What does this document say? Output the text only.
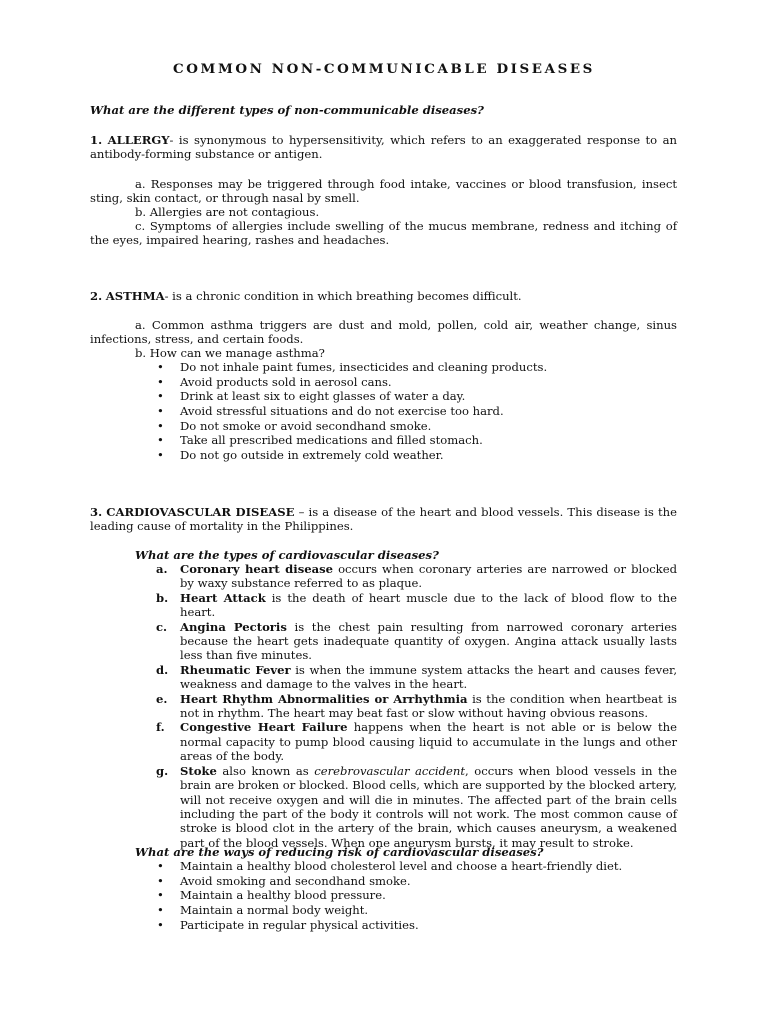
COMMON NON-COMMUNICABLE DISEASES
What are the different types of non-communicable diseases?
1. ALLERGY- is synonymous to hypersensitivity, which refers to an exaggerated response to an antibody-forming substance or antigen.
a. Responses may be triggered through food intake, vaccines or blood transfusion, insect sting, skin contact, or through nasal by smell.
b. Allergies are not contagious.
c. Symptoms of allergies include swelling of the mucus membrane, redness and itching of the eyes, impaired hearing, rashes and headaches.
2. ASTHMA- is a chronic condition in which breathing becomes difficult.
a. Common asthma triggers are dust and mold, pollen, cold air, weather change, sinus infections, stress, and certain foods.
b. How can we manage asthma?
• Do not inhale paint fumes, insecticides and cleaning products.
• Avoid products sold in aerosol cans.
• Drink at least six to eight glasses of water a day.
• Avoid stressful situations and do not exercise too hard.
• Do not smoke or avoid secondhand smoke.
• Take all prescribed medications and filled stomach.
• Do not go outside in extremely cold weather.
3. CARDIOVASCULAR DISEASE – is a disease of the heart and blood vessels. This disease is the leading cause of mortality in the Philippines.
What are the types of cardiovascular diseases?
a. Coronary heart disease occurs when coronary arteries are narrowed or blocked by waxy substance referred to as plaque.
b. Heart Attack is the death of heart muscle due to the lack of blood flow to the heart.
c. Angina Pectoris is the chest pain resulting from narrowed coronary arteries because the heart gets inadequate quantity of oxygen. Angina attack usually lasts less than five minutes.
d. Rheumatic Fever is when the immune system attacks the heart and causes fever, weakness and damage to the valves in the heart.
e. Heart Rhythm Abnormalities or Arrhythmia is the condition when heartbeat is not in rhythm. The heart may beat fast or slow without having obvious reasons.
f. Congestive Heart Failure happens when the heart is not able or is below the normal capacity to pump blood causing liquid to accumulate in the lungs and other areas of the body.
g. Stoke also known as cerebrovascular accident, occurs when blood vessels in the brain are broken or blocked. Blood cells, which are supported by the blocked artery, will not receive oxygen and will die in minutes. The affected part of the brain cells including the part of the body it controls will not work. The most common cause of stroke is blood clot in the artery of the brain, which causes aneurysm, a weakened part of the blood vessels. When one aneurysm bursts, it may result to stroke.
What are the ways of reducing risk of cardiovascular diseases?
• Maintain a healthy blood cholesterol level and choose a heart-friendly diet.
• Avoid smoking and secondhand smoke.
• Maintain a healthy blood pressure.
• Maintain a normal body weight.
• Participate in regular physical activities.
